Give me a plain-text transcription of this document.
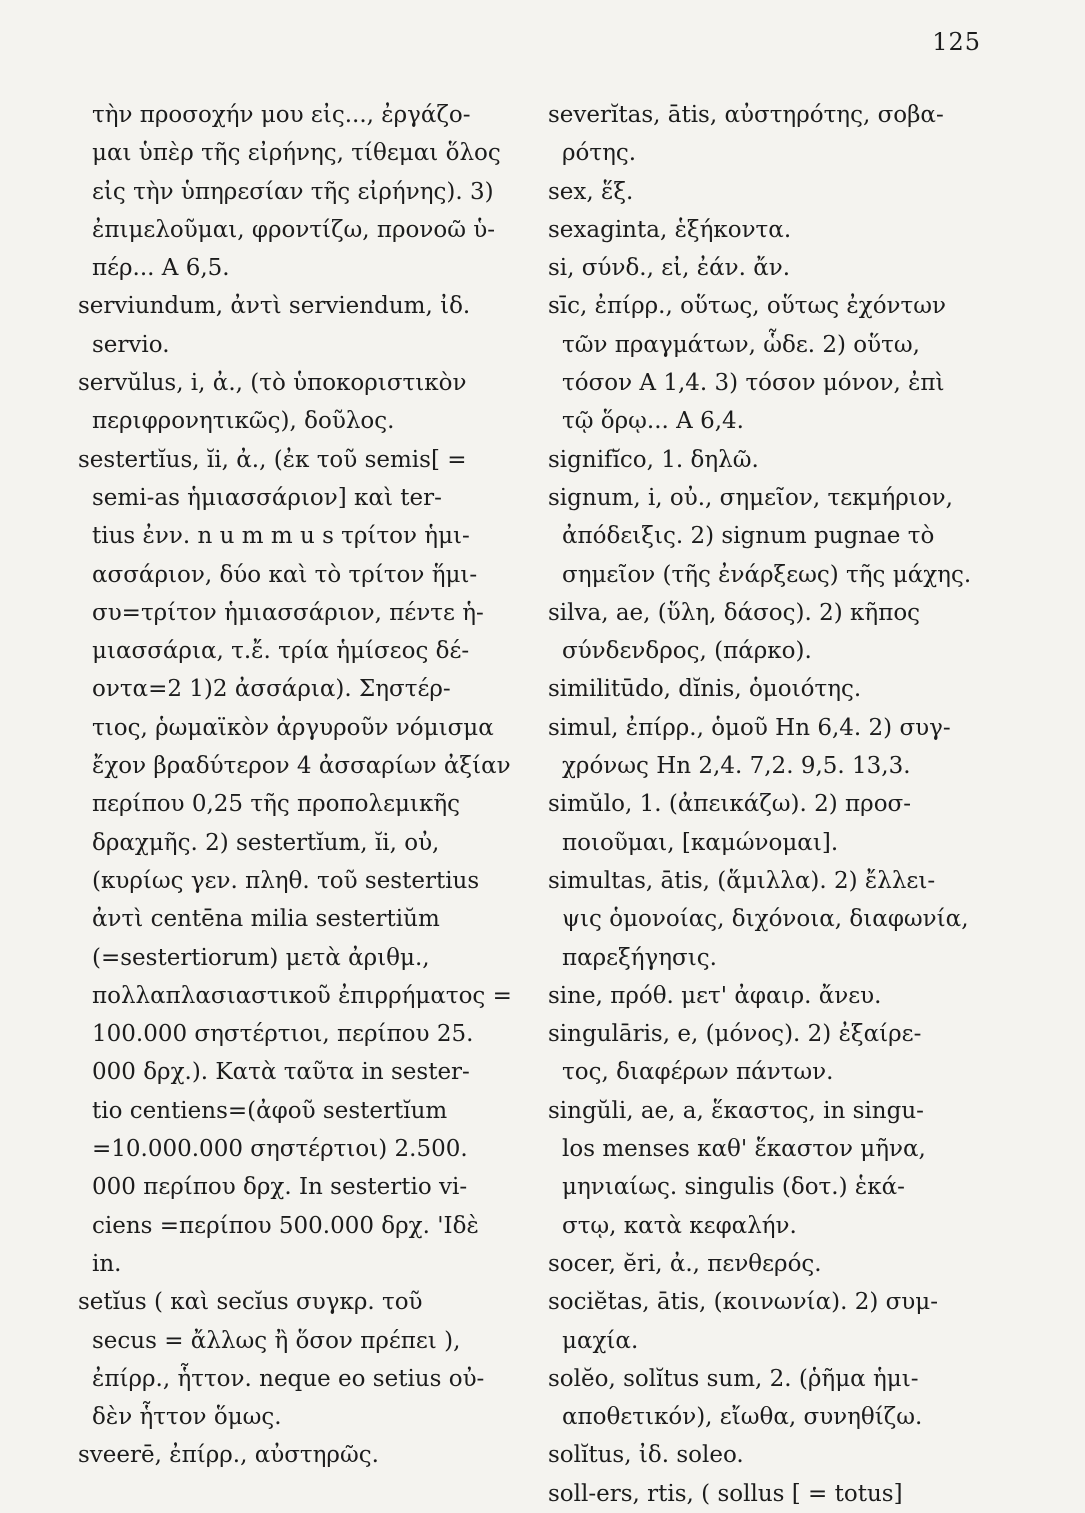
125
τὴν προσοχήν μου εἰς..., ἐργάζο-
μαι ὑπὲρ τῆς εἰρήνης, τίθεμαι ὅλος
εἰς τὴν ὑπηρεσίαν τῆς εἰρήνης). 3)
ἐπιμελοῦμαι, φροντίζω, προνοῶ ὑ-
πέρ... A 6,5.
serviundum, ἀντὶ serviendum, ἰδ.
servio.
servŭlus, i, ἀ., (τὸ ὑποκοριστικὸν
περιφρονητικῶς), δοῦλος.
sestertĭus, ĭi, ἀ., (ἐκ τοῦ semis[ =
semi-as ἡμιασσάριον] καὶ ter-
tius ἐνν. n u m m u s τρίτον ἡμι-
ασσάριον, δύο καὶ τὸ τρίτον ἥμι-
συ=τρίτον ἡμιασσάριον, πέντε ἡ-
μιασσάρια, τ.ἔ. τρία ἡμίσεος δέ-
οντα=2 1)2 ἀσσάρια). Σηστέρ-
τιος, ῥωμαϊκὸν ἀργυροῦν νόμισμα
ἔχον βραδύτερον 4 ἀσσαρίων ἀξίαν
περίπου 0,25 τῆς προπολεμικῆς
δραχμῆς. 2) sestertĭum, ĭi, οὐ,
(κυρίως γεν. πληθ. τοῦ sestertius
ἀντὶ centēna milia sestertiŭm
(=sestertiorum) μετὰ ἀριθμ.,
πολλαπλασιαστικοῦ ἐπιρρήματος =
100.000 σηστέρτιοι, περίπου 25.
000 δρχ.). Κατὰ ταῦτα in sester-
tio centiens=(ἀφοῦ sestertĭum
=10.000.000 σηστέρτιοι) 2.500.
000 περίπου δρχ. In sestertio vi-
ciens =περίπου 500.000 δρχ. 'Ιδὲ
in.
setĭus ( καὶ secĭus συγκρ. τοῦ
secus = ἄλλως ἢ ὅσον πρέπει ),
ἐπίρρ., ἧττον. neque eo setius οὐ-
δὲν ἧττον ὅμως.
sveerē, ἐπίρρ., αὐστηρῶς.
severĭtas, ātis, αὐστηρότης, σοβα-
ρότης.
sex, ἕξ.
sexaginta, ἑξήκοντα.
si, σύνδ., εἰ, ἐάν. ἄν.
sīc, ἐπίρρ., οὕτως, οὕτως ἐχόντων
τῶν πραγμάτων, ὧδε. 2) οὕτω,
τόσον A 1,4. 3) τόσον μόνον, ἐπὶ
τῷ ὅρῳ... A 6,4.
signifĭco, 1. δηλῶ.
signum, i, οὐ., σημεῖον, τεκμήριον,
ἀπόδειξις. 2) signum pugnae τὸ
σημεῖον (τῆς ἐνάρξεως) τῆς μάχης.
silva, ae, (ὕλη, δάσος). 2) κῆπος
σύνδενδρος, (πάρκο).
similitūdo, dĭnis, ὁμοιότης.
simul, ἐπίρρ., ὁμοῦ Hn 6,4. 2) συγ-
χρόνως Hn 2,4. 7,2. 9,5. 13,3.
simŭlo, 1. (ἀπεικάζω). 2) προσ-
ποιοῦμαι, [καμώνομαι].
simultas, ātis, (ἅμιλλα). 2) ἔλλει-
ψις ὁμονοίας, διχόνοια, διαφωνία,
παρεξήγησις.
sine, πρόθ. μετ' ἀφαιρ. ἄνευ.
singulāris, e, (μόνος). 2) ἐξαίρε-
τος, διαφέρων πάντων.
singŭli, ae, a, ἕκαστος, in singu-
los menses καθ' ἕκαστον μῆνα,
μηνιαίως. singulis (δοτ.) ἑκά-
στῳ, κατὰ κεφαλήν.
socer, ĕri, ἀ., πενθερός.
sociĕtas, ātis, (κοινωνία). 2) συμ-
μαχία.
solĕo, solĭtus sum, 2. (ῥῆμα ἡμι-
αποθετικόν), εἴωθα, συνηθίζω.
solĭtus, ἰδ. soleo.
soll-ers, rtis, ( sollus [ = totus]
